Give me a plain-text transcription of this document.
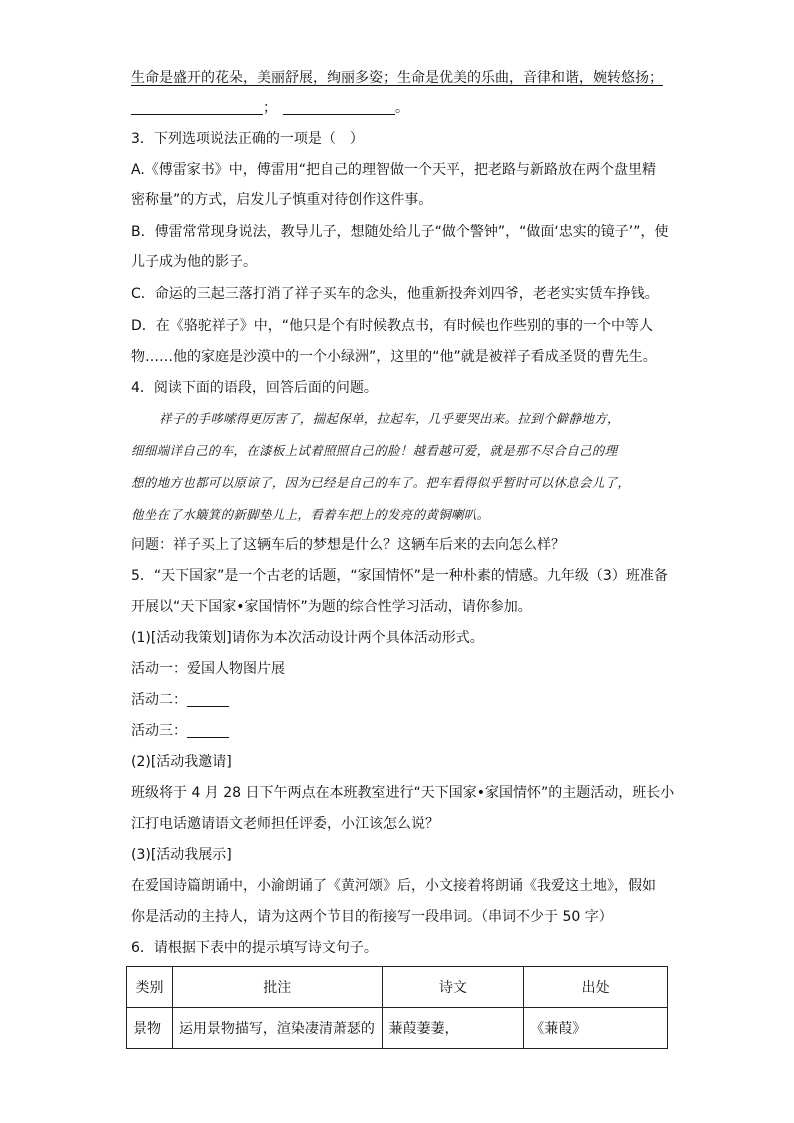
生命是盛开的花朵，美丽舒展，绚丽多姿；生命是优美的乐曲，音律和谐，婉转悠扬；
；	。
3．下列选项说法正确的一项是（　）
A.《傅雷家书》中，傅雷用“把自己的理智做一个天平，把老路与新路放在两个盘里精
密称量”的方式，启发儿子慎重对待创作这件事。
B．傅雷常常现身说法，教导儿子，想随处给儿子“做个警钟”，“做面‘忠实的镜子’”，使
儿子成为他的影子。
C．命运的三起三落打消了祥子买车的念头，他重新投奔刘四爷，老老实实赁车挣钱。
D．在《骆驼祥子》中，“他只是个有时候教点书，有时候也作些别的事的一个中等人
物……他的家庭是沙漠中的一个小绿洲”，这里的“他”就是被祥子看成圣贤的曹先生。
4．阅读下面的语段，回答后面的问题。
祥子的手哆嗦得更厉害了，揣起保单，拉起车，几乎要哭出来。拉到个僻静地方，
细细端详自己的车，在漆板上试着照照自己的脸！越看越可爱，就是那不尽合自己的理
想的地方也都可以原谅了，因为已经是自己的车了。把车看得似乎暂时可以休息会儿了，
他坐在了水簸箕的新脚垫儿上，看着车把上的发亮的黄铜喇叭。
问题：祥子买上了这辆车后的梦想是什么？这辆车后来的去向怎么样？
5．“天下国家”是一个古老的话题，“家国情怀”是一种朴素的情感。九年级（3）班准备
开展以“天下国家•家国情怀”为题的综合性学习活动，请你参加。
(1)[活动我策划]请你为本次活动设计两个具体活动形式。
活动一：爱国人物图片展
活动二：
活动三：
(2)[活动我邀请]
班级将于 4 月 28 日下午两点在本班教室进行“天下国家•家国情怀”的主题活动，班长小
江打电话邀请语文老师担任评委，小江该怎么说？
(3)[活动我展示]
在爱国诗篇朗诵中，小渝朗诵了《黄河颂》后，小文接着将朗诵《我爱这土地》，假如
你是活动的主持人，请为这两个节目的衔接写一段串词。（串词不少于 50 字）
6．请根据下表中的提示填写诗文句子。
类别	批注	诗文	出处
景物	运用景物描写，渲染凄清萧瑟的	蒹葭萋萋，	《蒹葭》
